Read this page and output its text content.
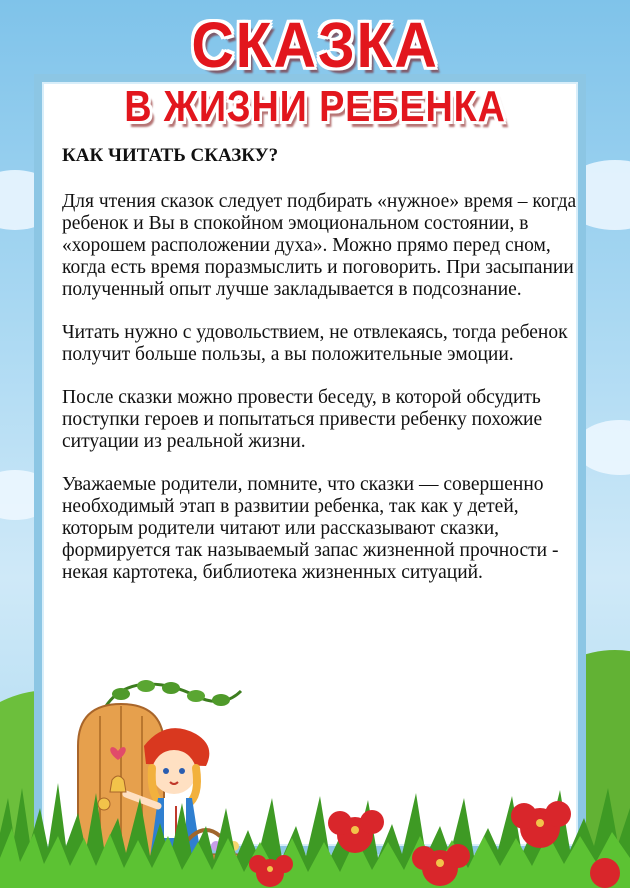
СКАЗКА
В ЖИЗНИ РЕБЕНКА
КАК ЧИТАТЬ СКАЗКУ?

Для чтения сказок следует подбирать «нужное» время – когда ребенок и Вы в спокойном эмоциональном состоянии, в «хорошем расположении духа». Можно прямо перед сном, когда есть время поразмыслить и поговорить. При засыпании полученный опыт лучше закладывается в подсознание.

Читать нужно с удовольствием, не отвлекаясь, тогда ребенок получит больше пользы, а вы положительные эмоции.

После сказки можно провести беседу, в которой обсудить поступки героев и попытаться привести ребенку похожие ситуации из реальной жизни.

Уважаемые родители, помните, что сказки — совершенно необходимый этап в развитии ребенка, так как у детей, которым родители читают или рассказывают сказки, формируется так называемый запас жизненной прочности - некая картотека, библиотека жизненных ситуаций.
